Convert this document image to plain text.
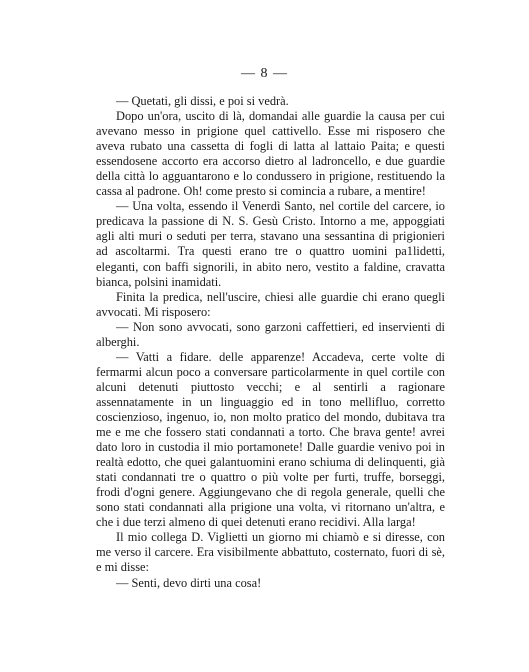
— 8 —

— Quetati, gli dissi, e poi si vedrà.

Dopo un'ora, uscito di là, domandai alle guardie la causa per cui avevano messo in prigione quel cattivello. Esse mi risposero che aveva rubato una cassetta di fogli di latta al lattaio Paita; e questi essendosene accorto era accorso dietro al ladroncello, e due guardie della città lo agguantarono e lo condussero in prigione, restituendo la cassa al padrone. Oh! come presto si comincia a rubare, a mentire!

— Una volta, essendo il Venerdì Santo, nel cortile del carcere, io predicava la passione di N. S. Gesù Cristo. Intorno a me, appoggiati agli alti muri o seduti per terra, stavano una sessantina di prigionieri ad ascoltarmi. Tra questi erano tre o quattro uomini pa1lidetti, eleganti, con baffi signorili, in abito nero, vestito a faldine, cravatta bianca, polsini inamidati.

Finita la predica, nell'uscire, chiesi alle guardie chi erano quegli avvocati. Mi risposero:

— Non sono avvocati, sono garzoni caffettieri, ed inservienti di alberghi.

— Vatti a fidare. delle apparenze! Accadeva, certe volte di fermarmi alcun poco a conversare particolarmente in quel cortile con alcuni detenuti piuttosto vecchi; e al sentirli a ragionare assennatamente in un linguaggio ed in tono mellifluo, corretto coscienzioso, ingenuo, io, non molto pratico del mondo, dubitava tra me e me che fossero stati condannati a torto. Che brava gente! avrei dato loro in custodia il mio portamonete! Dalle guardie venivo poi in realtà edotto, che quei galantuomini erano schiuma di delinquenti, già stati condannati tre o quattro o più volte per furti, truffe, borseggi, frodi d'ogni genere. Aggiungevano che di regola generale, quelli che sono stati condannati alla prigione una volta, vi ritornano un'altra, e che i due terzi almeno di quei detenuti erano recidivi. Alla larga!

Il mio collega D. Viglietti un giorno mi chiamò e si diresse, con me verso il carcere. Era visibilmente abbattuto, costernato, fuori di sè, e mi disse:

— Senti, devo dirti una cosa!
